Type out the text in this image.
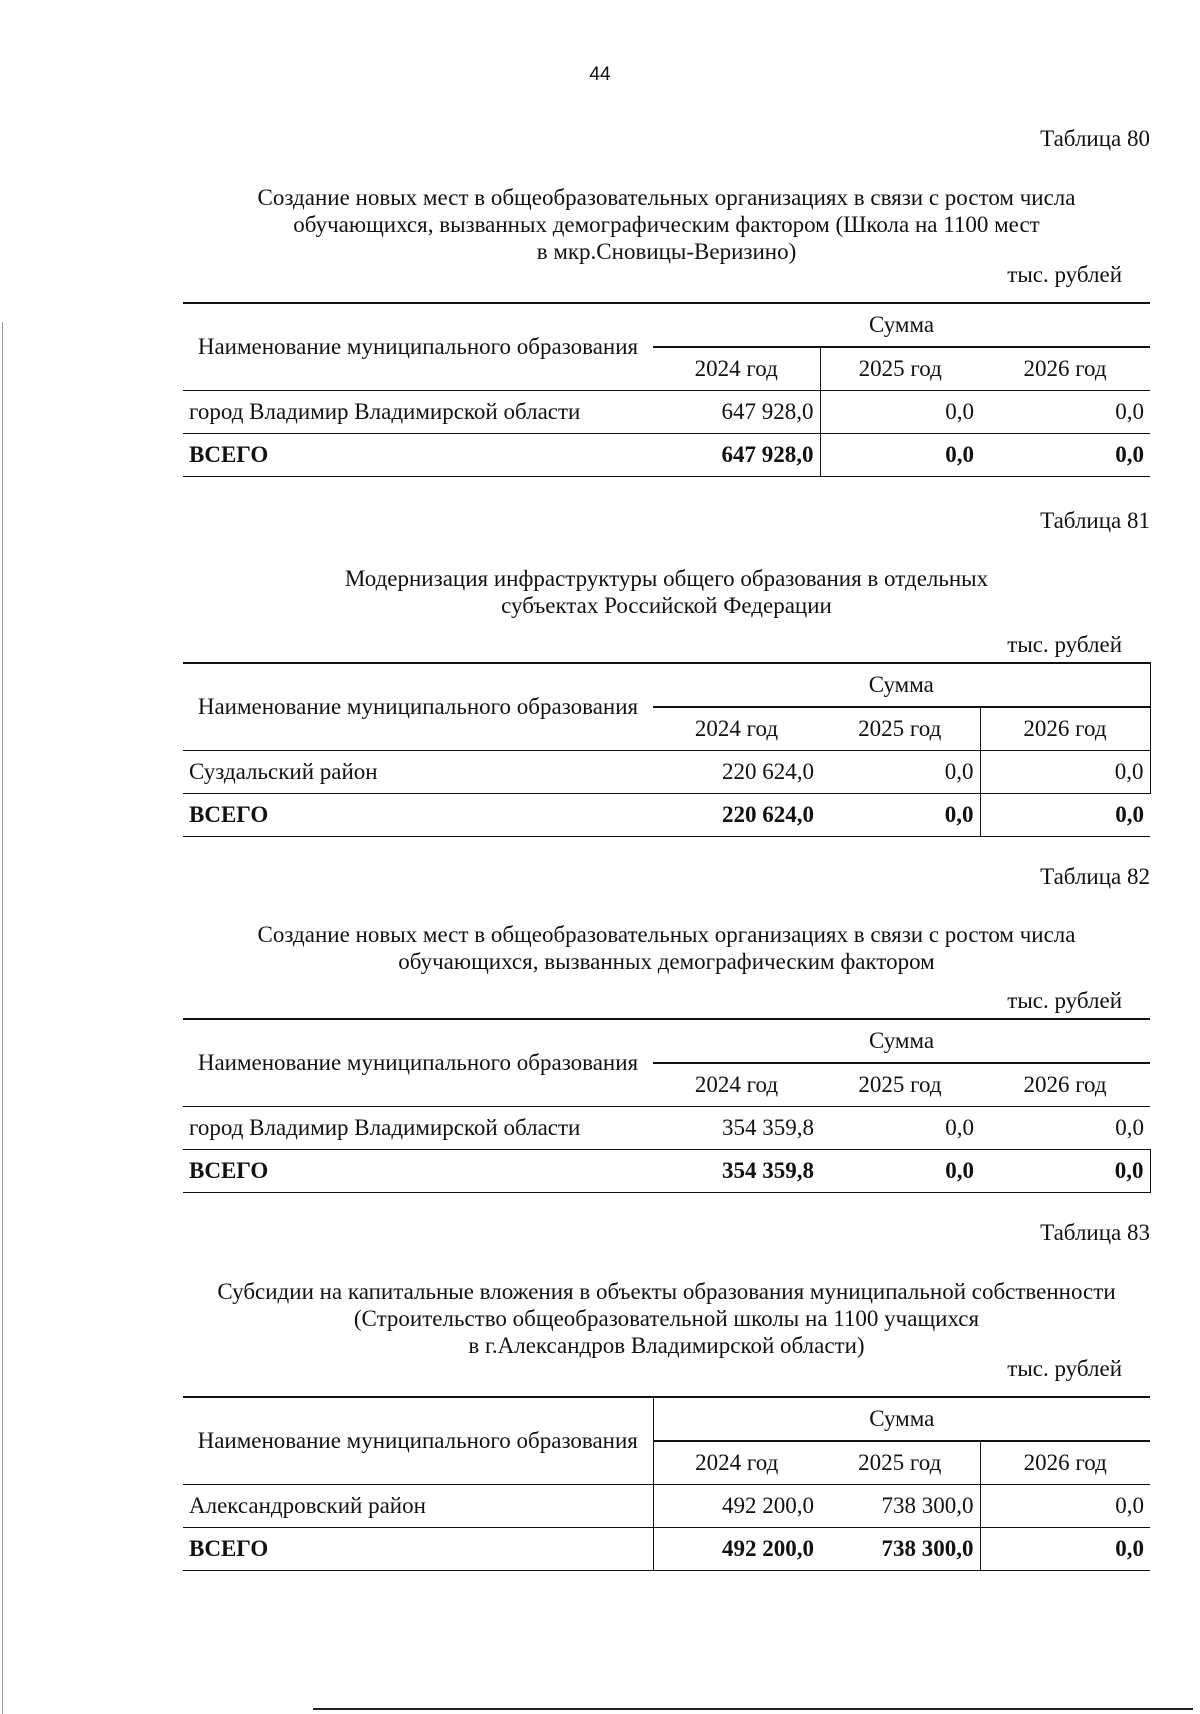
44
Таблица 80
Создание новых мест в общеобразовательных организациях в связи с ростом числа
обучающихся, вызванных демографическим фактором (Школа на 1100 мест
в мкр.Сновицы-Веризино)
тыс. рублей
Наименование муниципального образования	Сумма		
	2024 год	2025 год	2026 год
город Владимир Владимирской области	647 928,0	0,0	0,0
ВСЕГО	647 928,0	0,0	0,0
Таблица 81
Модернизация инфраструктуры общего образования в отдельных
субъектах Российской Федерации
тыс. рублей
Наименование муниципального образования	Сумма		
	2024 год	2025 год	2026 год
Суздальский район	220 624,0	0,0	0,0
ВСЕГО	220 624,0	0,0	0,0
Таблица 82
Создание новых мест в общеобразовательных организациях в связи с ростом числа
обучающихся, вызванных демографическим фактором
тыс. рублей
Наименование муниципального образования	Сумма		
	2024 год	2025 год	2026 год
город Владимир Владимирской области	354 359,8	0,0	0,0
ВСЕГО	354 359,8	0,0	0,0
Таблица 83
Субсидии на капитальные вложения в объекты образования муниципальной собственности
(Строительство общеобразовательной школы на 1100 учащихся
в г.Александров Владимирской области)
тыс. рублей
Наименование муниципального образования	Сумма		
	2024 год	2025 год	2026 год
Александровский район	492 200,0	738 300,0	0,0
ВСЕГО	492 200,0	738 300,0	0,0
